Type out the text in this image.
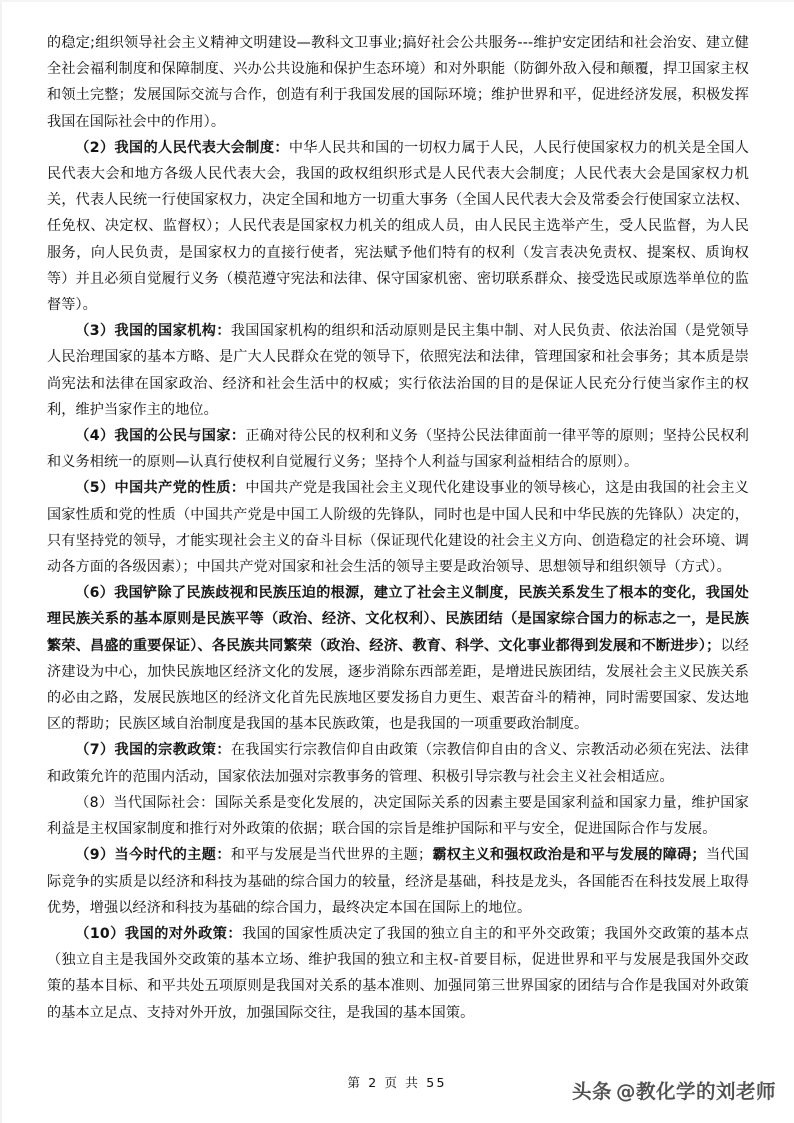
的稳定;组织领导社会主义精神文明建设—教科文卫事业;搞好社会公共服务---维护安定团结和社会治安、建立健全社会福利制度和保障制度、兴办公共设施和保护生态环境）和对外职能（防御外敌入侵和颠覆，捍卫国家主权和领土完整；发展国际交流与合作，创造有利于我国发展的国际环境；维护世界和平，促进经济发展，积极发挥我国在国际社会中的作用）。

（2）我国的人民代表大会制度：中华人民共和国的一切权力属于人民，人民行使国家权力的机关是全国人民代表大会和地方各级人民代表大会，我国的政权组织形式是人民代表大会制度；人民代表大会是国家权力机关，代表人民统一行使国家权力，决定全国和地方一切重大事务（全国人民代表大会及常委会行使国家立法权、任免权、决定权、监督权）；人民代表是国家权力机关的组成人员，由人民民主选举产生，受人民监督，为人民服务，向人民负责，是国家权力的直接行使者，宪法赋予他们特有的权利（发言表决免责权、提案权、质询权等）并且必须自觉履行义务（模范遵守宪法和法律、保守国家机密、密切联系群众、接受选民或原选举单位的监督等）。

（3）我国的国家机构：我国国家机构的组织和活动原则是民主集中制、对人民负责、依法治国（是党领导人民治理国家的基本方略、是广大人民群众在党的领导下，依照宪法和法律，管理国家和社会事务；其本质是崇尚宪法和法律在国家政治、经济和社会生活中的权威；实行依法治国的目的是保证人民充分行使当家作主的权利，维护当家作主的地位。

（4）我国的公民与国家：正确对待公民的权利和义务（坚持公民法律面前一律平等的原则；坚持公民权利和义务相统一的原则—认真行使权利自觉履行义务；坚持个人利益与国家利益相结合的原则）。

（5）中国共产党的性质：中国共产党是我国社会主义现代化建设事业的领导核心，这是由我国的社会主义国家性质和党的性质（中国共产党是中国工人阶级的先锋队，同时也是中国人民和中华民族的先锋队）决定的，只有坚持党的领导，才能实现社会主义的奋斗目标（保证现代化建设的社会主义方向、创造稳定的社会环境、调动各方面的各级因素）；中国共产党对国家和社会生活的领导主要是政治领导、思想领导和组织领导（方式）。

（6）我国铲除了民族歧视和民族压迫的根源，建立了社会主义制度，民族关系发生了根本的变化，我国处理民族关系的基本原则是民族平等（政治、经济、文化权利）、民族团结（是国家综合国力的标志之一，是民族繁荣、昌盛的重要保证）、各民族共同繁荣（政治、经济、教育、科学、文化事业都得到发展和不断进步）；以经济建设为中心，加快民族地区经济文化的发展，逐步消除东西部差距，是增进民族团结，发展社会主义民族关系的必由之路，发展民族地区的经济文化首先民族地区要发扬自力更生、艰苦奋斗的精神，同时需要国家、发达地区的帮助；民族区域自治制度是我国的基本民族政策，也是我国的一项重要政治制度。

（7）我国的宗教政策：在我国实行宗教信仰自由政策（宗教信仰自由的含义、宗教活动必须在宪法、法律和政策允许的范围内活动，国家依法加强对宗教事务的管理、积极引导宗教与社会主义社会相适应。

（8）当代国际社会：国际关系是变化发展的，决定国际关系的因素主要是国家利益和国家力量，维护国家利益是主权国家制度和推行对外政策的依据；联合国的宗旨是维护国际和平与安全，促进国际合作与发展。

（9）当今时代的主题：和平与发展是当代世界的主题；霸权主义和强权政治是和平与发展的障碍；当代国际竞争的实质是以经济和科技为基础的综合国力的较量，经济是基础，科技是龙头，各国能否在科技发展上取得优势，增强以经济和科技为基础的综合国力，最终决定本国在国际上的地位。

（10）我国的对外政策：我国的国家性质决定了我国的独立自主的和平外交政策；我国外交政策的基本点（独立自主是我国外交政策的基本立场、维护我国的独立和主权-首要目标，促进世界和平与发展是我国外交政策的基本目标、和平共处五项原则是我国对关系的基本准则、加强同第三世界国家的团结与合作是我国对外政策的基本立足点、支持对外开放，加强国际交往，是我国的基本国策。

第 2 页 共 55	头条 @教化学的刘老师
